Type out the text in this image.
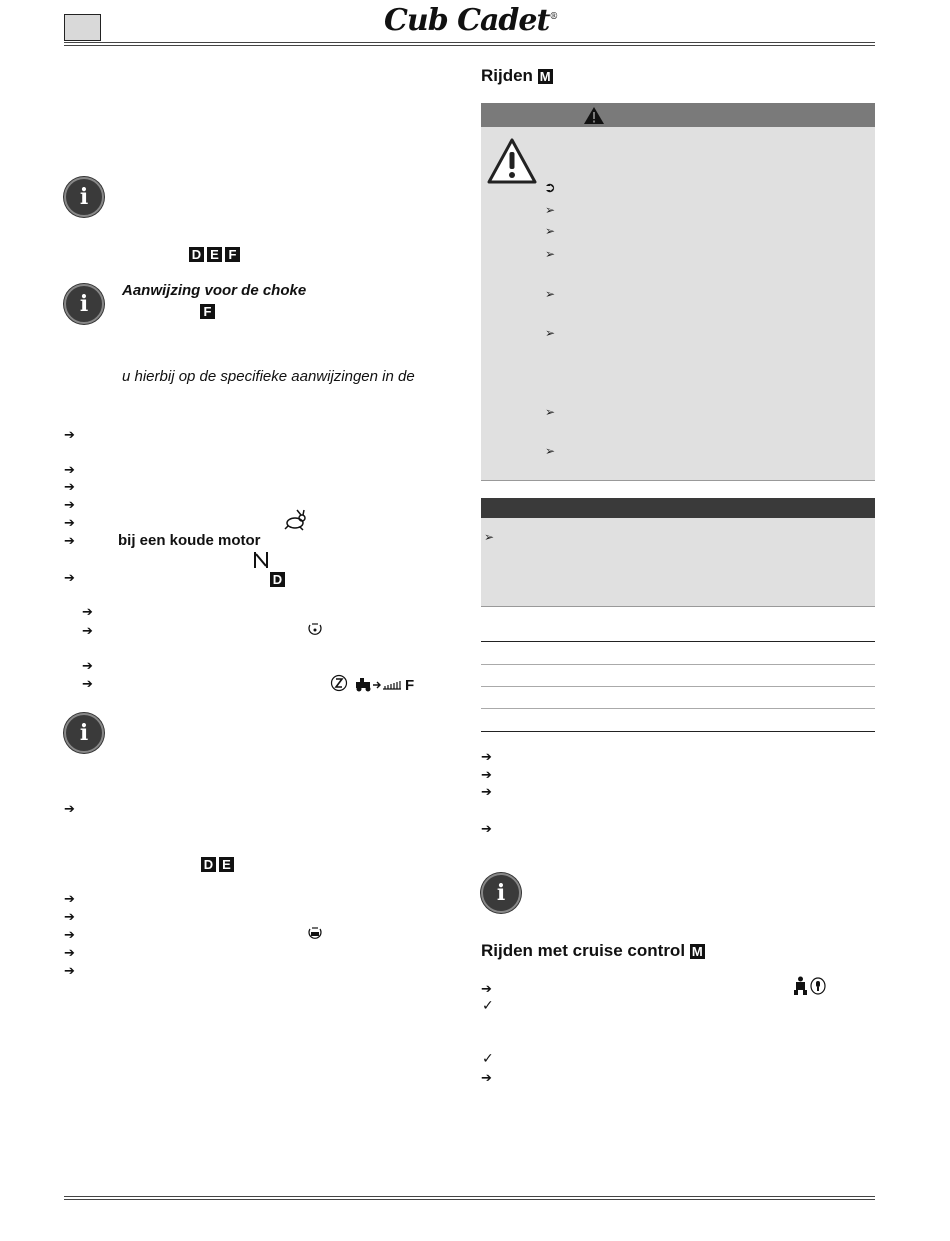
Cub Cadet®
i
D E F
i
Aanwijzing voor de choke
F
u hierbij op de specifieke aanwijzingen in de
➔
➔
➔
➔
➔
➔
➔
bij een koude motor
D
➔
➔
➔
➔	F
i
➔
D E
➔
➔
➔
➔
➔
Rijden M
➲
➢
➢
➢
➢
➢
➢
➢
➢
➔
➔
➔
➔
i
Rijden met cruise control M
➔
✓
✓
➔
